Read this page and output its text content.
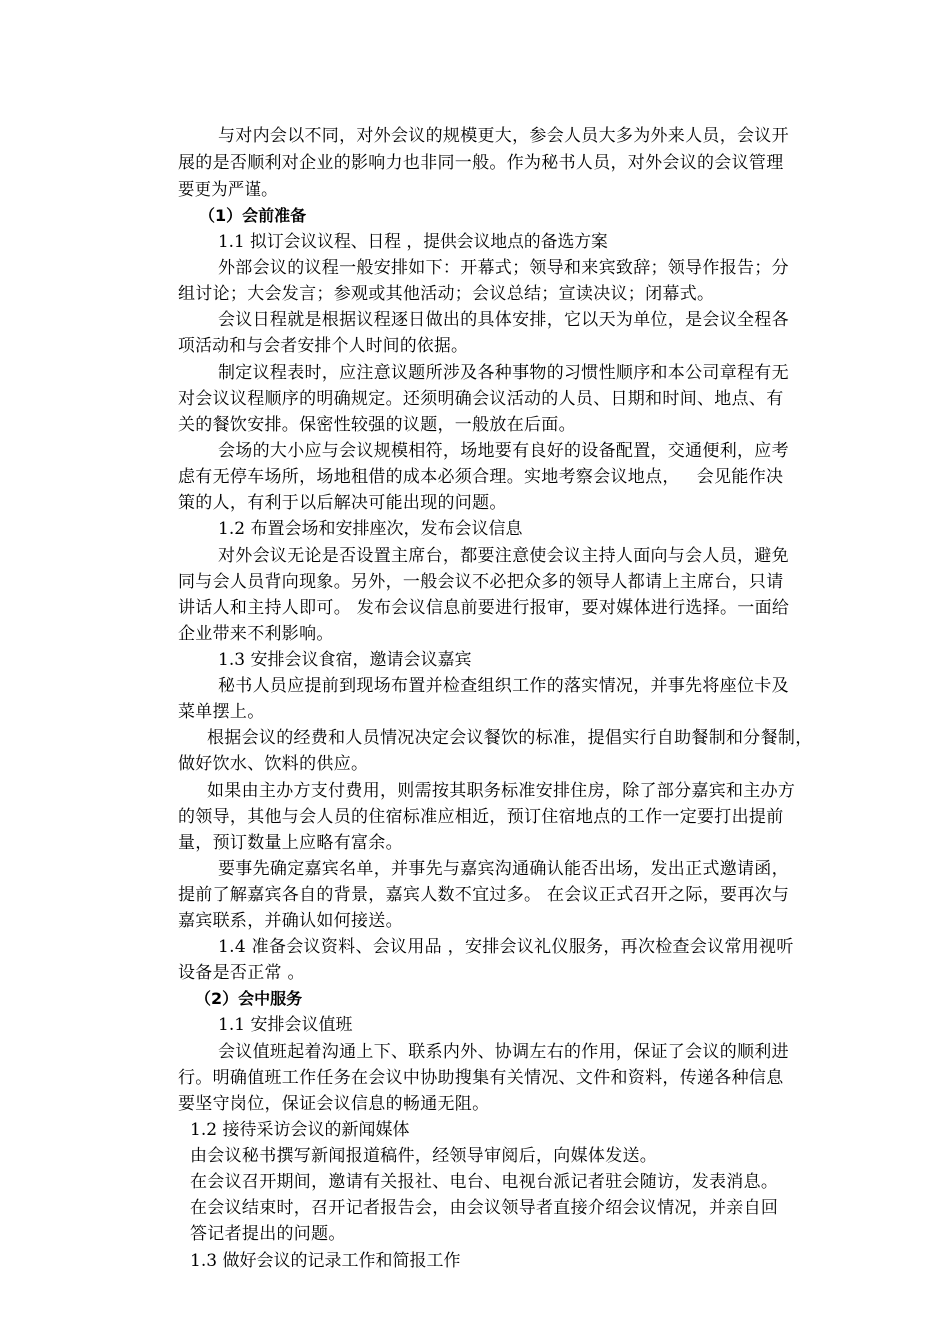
与对内会以不同，对外会议的规模更大，参会人员大多为外来人员，会议开
展的是否顺利对企业的影响力也非同一般。作为秘书人员，对外会议的会议管理
要更为严谨。
（1）会前准备
1.1 拟订会议议程、日程 ，提供会议地点的备选方案
外部会议的议程一般安排如下：开幕式；领导和来宾致辞；领导作报告；分
组讨论；大会发言；参观或其他活动；会议总结；宣读决议；闭幕式。
会议日程就是根据议程逐日做出的具体安排，它以天为单位，是会议全程各
项活动和与会者安排个人时间的依据。
制定议程表时，应注意议题所涉及各种事物的习惯性顺序和本公司章程有无
对会议议程顺序的明确规定。还须明确会议活动的人员、日期和时间、地点、有
关的餐饮安排。保密性较强的议题，一般放在后面。
会场的大小应与会议规模相符，场地要有良好的设备配置，交通便利，应考
虑有无停车场所，场地租借的成本必须合理。实地考察会议地点，   会见能作决
策的人，有利于以后解决可能出现的问题。
1.2 布置会场和安排座次，发布会议信息
对外会议无论是否设置主席台，都要注意使会议主持人面向与会人员，避免
同与会人员背向现象。另外，一般会议不必把众多的领导人都请上主席台，只请
讲话人和主持人即可。 发布会议信息前要进行报审，要对媒体进行选择。一面给
企业带来不利影响。
1.3 安排会议食宿，邀请会议嘉宾
秘书人员应提前到现场布置并检查组织工作的落实情况，并事先将座位卡及
菜单摆上。
根据会议的经费和人员情况决定会议餐饮的标准，提倡实行自助餐制和分餐制，
做好饮水、饮料的供应。
如果由主办方支付费用，则需按其职务标准安排住房，除了部分嘉宾和主办方
的领导，其他与会人员的住宿标准应相近，预订住宿地点的工作一定要打出提前
量，预订数量上应略有富余。
要事先确定嘉宾名单，并事先与嘉宾沟通确认能否出场，发出正式邀请函，
提前了解嘉宾各自的背景，嘉宾人数不宜过多。 在会议正式召开之际，要再次与
嘉宾联系，并确认如何接送。
1.4 准备会议资料、会议用品 ，安排会议礼仪服务，再次检查会议常用视听
设备是否正常 。
（2）会中服务
1.1 安排会议值班
会议值班起着沟通上下、联系内外、协调左右的作用，保证了会议的顺利进
行。明确值班工作任务在会议中协助搜集有关情况、文件和资料，传递各种信息
要坚守岗位，保证会议信息的畅通无阻。
1.2 接待采访会议的新闻媒体
由会议秘书撰写新闻报道稿件，经领导审阅后，向媒体发送。
在会议召开期间，邀请有关报社、电台、电视台派记者驻会随访，发表消息。
在会议结束时，召开记者报告会，由会议领导者直接介绍会议情况，并亲自回
答记者提出的问题。
1.3 做好会议的记录工作和简报工作
